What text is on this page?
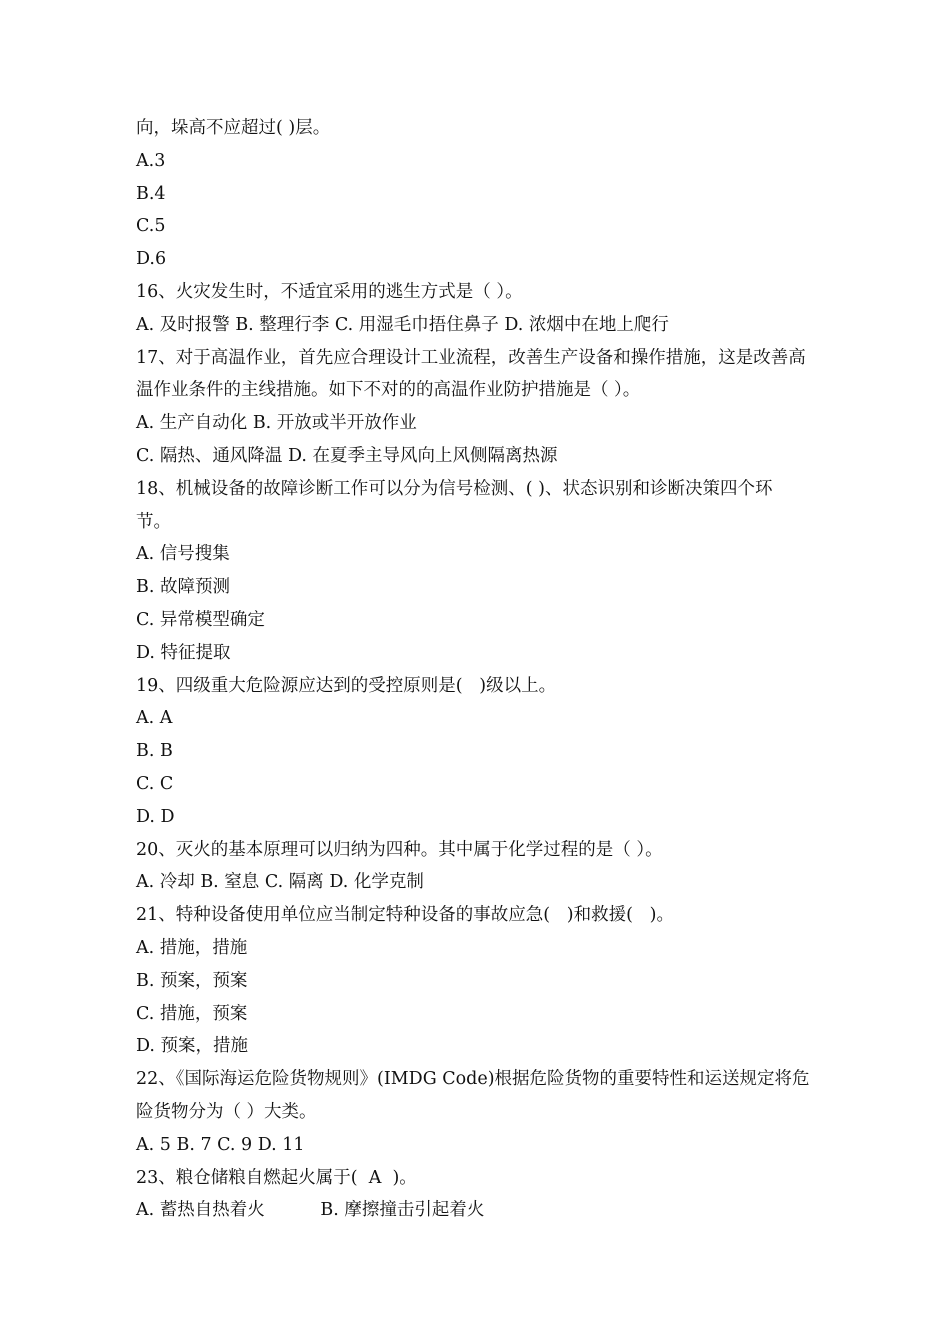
向，垛高不应超过( )层。
A.3
B.4
C.5
D.6
16、火灾发生时，不适宜采用的逃生方式是（ ）。
A. 及时报警 B. 整理行李 C. 用湿毛巾捂住鼻子 D. 浓烟中在地上爬行
17、对于高温作业，首先应合理设计工业流程，改善生产设备和操作措施，这是改善高
温作业条件的主线措施。如下不对的的高温作业防护措施是（ ）。
A. 生产自动化 B. 开放或半开放作业
C. 隔热、通风降温 D. 在夏季主导风向上风侧隔离热源
18、机械设备的故障诊断工作可以分为信号检测、( )、状态识别和诊断决策四个环
节。
A. 信号搜集
B. 故障预测
C. 异常模型确定
D. 特征提取
19、四级重大危险源应达到的受控原则是(   )级以上。
A. A
B. B
C. C
D. D
20、灭火的基本原理可以归纳为四种。其中属于化学过程的是（ ）。
A. 冷却 B. 窒息 C. 隔离 D. 化学克制
21、特种设备使用单位应当制定特种设备的事故应急(   )和救援(   )。
A. 措施，措施
B. 预案，预案
C. 措施，预案
D. 预案，措施
22、《国际海运危险货物规则》(IMDG Code)根据危险货物的重要特性和运送规定将危
险货物分为（ ）大类。
A. 5 B. 7 C. 9 D. 11
23、粮仓储粮自燃起火属于(  A  )。
A. 蓄热自热着火          B. 摩擦撞击引起着火
